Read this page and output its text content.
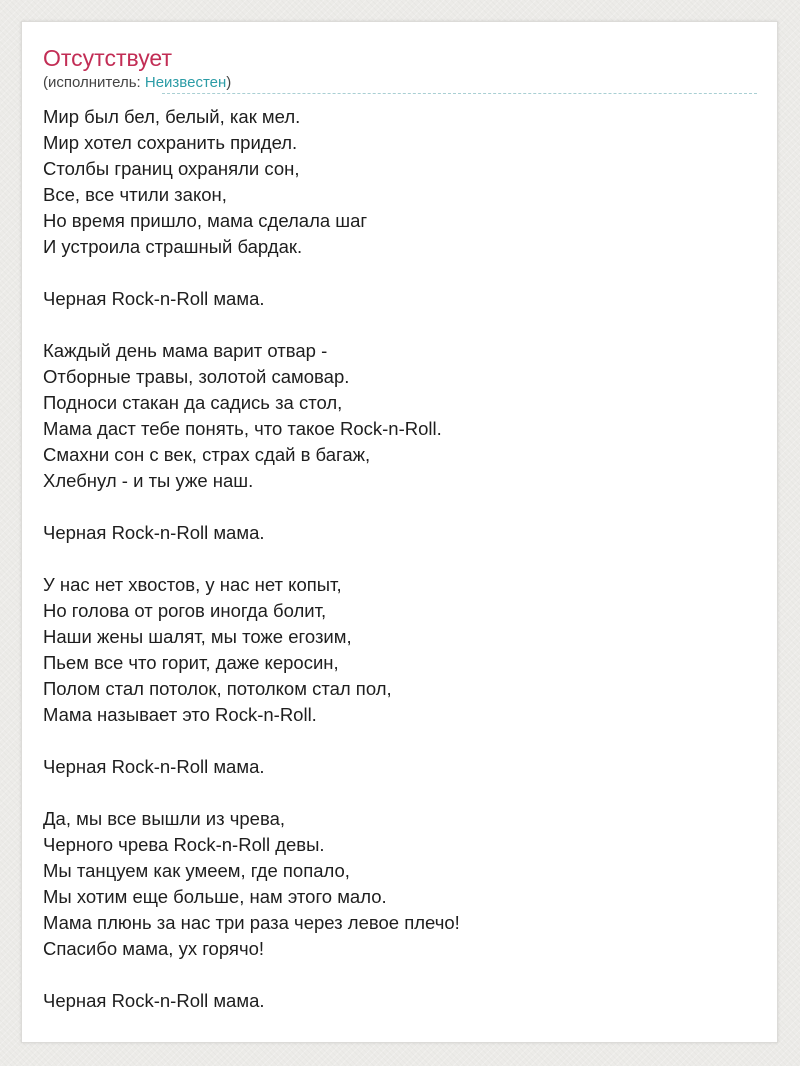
Отсутствует
(исполнитель: Неизвестен)
Мир был бел, белый, как мел.
Мир хотел сохранить придел.
Столбы границ охраняли сон,
Все, все чтили закон,
Но время пришло, мама сделала шаг
И устроила страшный бардак.
Черная Rock-n-Roll мама.
Каждый день мама варит отвар -
Отборные травы, золотой самовар.
Подноси стакан да садись за стол,
Мама даст тебе понять, что такое Rock-n-Roll.
Смахни сон с век, страх сдай в багаж,
Хлебнул - и ты уже наш.
Черная Rock-n-Roll мама.
У нас нет хвостов, у нас нет копыт,
Но голова от рогов иногда болит,
Наши жены шалят, мы тоже егозим,
Пьем все что горит, даже керосин,
Полом стал потолок, потолком стал пол,
Мама называет это Rock-n-Roll.
Черная Rock-n-Roll мама.
Да, мы все вышли из чрева,
Черного чрева Rock-n-Roll девы.
Мы танцуем как умеем, где попало,
Мы хотим еще больше, нам этого мало.
Мама плюнь за нас три раза через левое плечо!
Спасибо мама, ух горячо!
Черная Rock-n-Roll мама.
